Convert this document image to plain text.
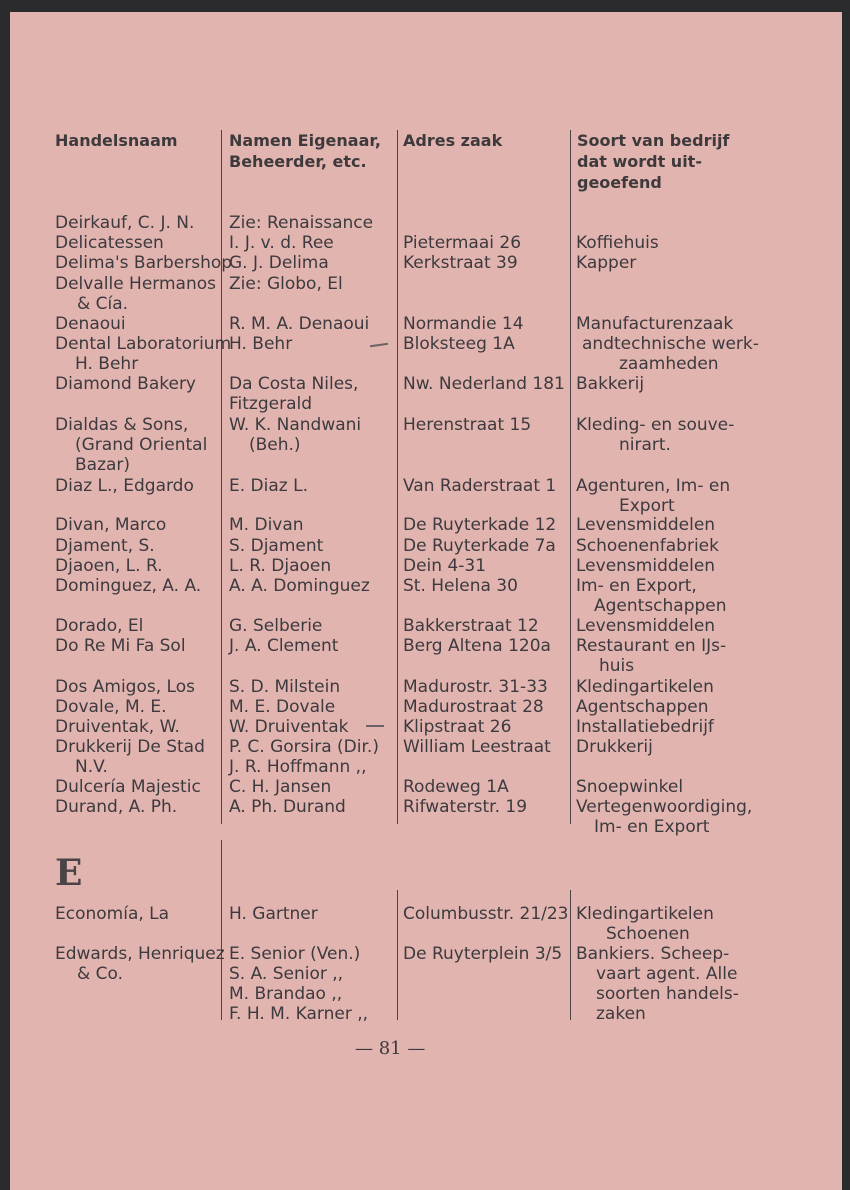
Handelsnaam	Namen Eigenaar,
Beheerder, etc.
Adres zaak	Soort van bedrijf
dat wordt uit-
geoefend
Deirkauf, C. J. N.
Delicatessen
Delima's Barbershop
Delvalle Hermanos
& Cía.
Denaoui
Dental Laboratorium
H. Behr
Diamond Bakery
Dialdas & Sons,
(Grand Oriental
Bazar)
Diaz L., Edgardo
Divan, Marco
Djament, S.
Djaoen, L. R.
Dominguez, A. A.
Dorado, El
Do Re Mi Fa Sol
Dos Amigos, Los
Dovale, M. E.
Druiventak, W.
Drukkerij De Stad
N.V.
Dulcería Majestic
Durand, A. Ph.
Economía, La
Edwards, Henriquez
& Co.
Zie: Renaissance
I. J. v. d. Ree
G. J. Delima
Zie: Globo, El
R. M. A. Denaoui
H. Behr
Da Costa Niles,
Fitzgerald
W. K. Nandwani
(Beh.)
E. Diaz L.
M. Divan
S. Djament
L. R. Djaoen
A. A. Dominguez
G. Selberie
J. A. Clement
S. D. Milstein
M. E. Dovale
W. Druiventak
P. C. Gorsira (Dir.)
J. R. Hoffmann ,,
C. H. Jansen
A. Ph. Durand
H. Gartner
E. Senior (Ven.)
S. A. Senior ,,
M. Brandao ,,
F. H. M. Karner ,,
Pietermaai 26
Kerkstraat 39
Normandie 14
Bloksteeg 1A
Nw. Nederland 181
Herenstraat 15
Van Raderstraat 1
De Ruyterkade 12
De Ruyterkade 7a
Dein 4-31
St. Helena 30
Bakkerstraat 12
Berg Altena 120a
Madurostr. 31-33
Madurostraat 28
Klipstraat 26
William Leestraat
Rodeweg 1A
Rifwaterstr. 19
Columbusstr. 21/23
De Ruyterplein 3/5
Koffiehuis
Kapper
Manufacturenzaak
andtechnische werk-
zaamheden
Bakkerij
Kleding- en souve-
nirart.
Agenturen, Im- en
Export
Levensmiddelen
Schoenenfabriek
Levensmiddelen
Im- en Export,
Agentschappen
Levensmiddelen
Restaurant en IJs-
huis
Kledingartikelen
Agentschappen
Installatiebedrijf
Drukkerij
Snoepwinkel
Vertegenwoordiging,
Im- en Export
Kledingartikelen
Schoenen
Bankiers. Scheep-
vaart agent. Alle
soorten handels-
zaken
E
— 81 —
